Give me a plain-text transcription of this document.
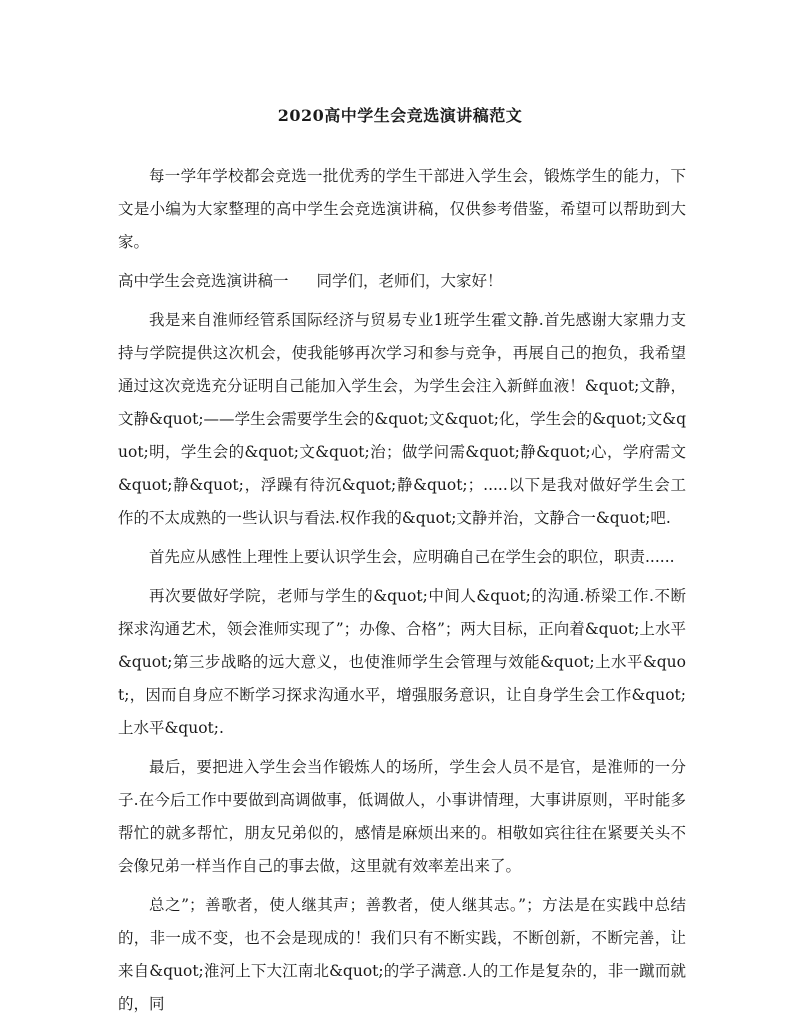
2020高中学生会竞选演讲稿范文

每一学年学校都会竞选一批优秀的学生干部进入学生会，锻炼学生的能力，下文是小编为大家整理的高中学生会竞选演讲稿，仅供参考借鉴，希望可以帮助到大家。

高中学生会竞选演讲稿一 同学们，老师们，大家好！

我是来自淮师经管系国际经济与贸易专业1班学生霍文静.首先感谢大家鼎力支持与学院提供这次机会，使我能够再次学习和参与竞争，再展自己的抱负，我希望通过这次竞选充分证明自己能加入学生会，为学生会注入新鲜血液！&quot;文静，文静&quot;——学生会需要学生会的&quot;文&quot;化，学生会的&quot;文&quot;明，学生会的&quot;文&quot;治；做学问需&quot;静&quot;心，学府需文&quot;静&quot;，浮躁有待沉&quot;静&quot;；.....以下是我对做好学生会工作的不太成熟的一些认识与看法.权作我的&quot;文静并治，文静合一&quot;吧.

首先应从感性上理性上要认识学生会，应明确自己在学生会的职位，职责......

再次要做好学院，老师与学生的&quot;中间人&quot;的沟通.桥梁工作.不断探求沟通艺术，领会淮师实现了”；办像、合格”；两大目标，正向着&quot;上水平&quot;第三步战略的远大意义，也使淮师学生会管理与效能&quot;上水平&quot;，因而自身应不断学习探求沟通水平，增强服务意识，让自身学生会工作&quot;上水平&quot;.

最后，要把进入学生会当作锻炼人的场所，学生会人员不是官，是淮师的一分子.在今后工作中要做到高调做事，低调做人，小事讲情理，大事讲原则，平时能多帮忙的就多帮忙，朋友兄弟似的，感情是麻烦出来的。相敬如宾往往在紧要关头不会像兄弟一样当作自己的事去做，这里就有效率差出来了。

总之”；善歌者，使人继其声；善教者，使人继其志。”；方法是在实践中总结的，非一成不变，也不会是现成的！我们只有不断实践，不断创新，不断完善，让来自&quot;淮河上下大江南北&quot;的学子满意.人的工作是复杂的，非一蹴而就的，同
